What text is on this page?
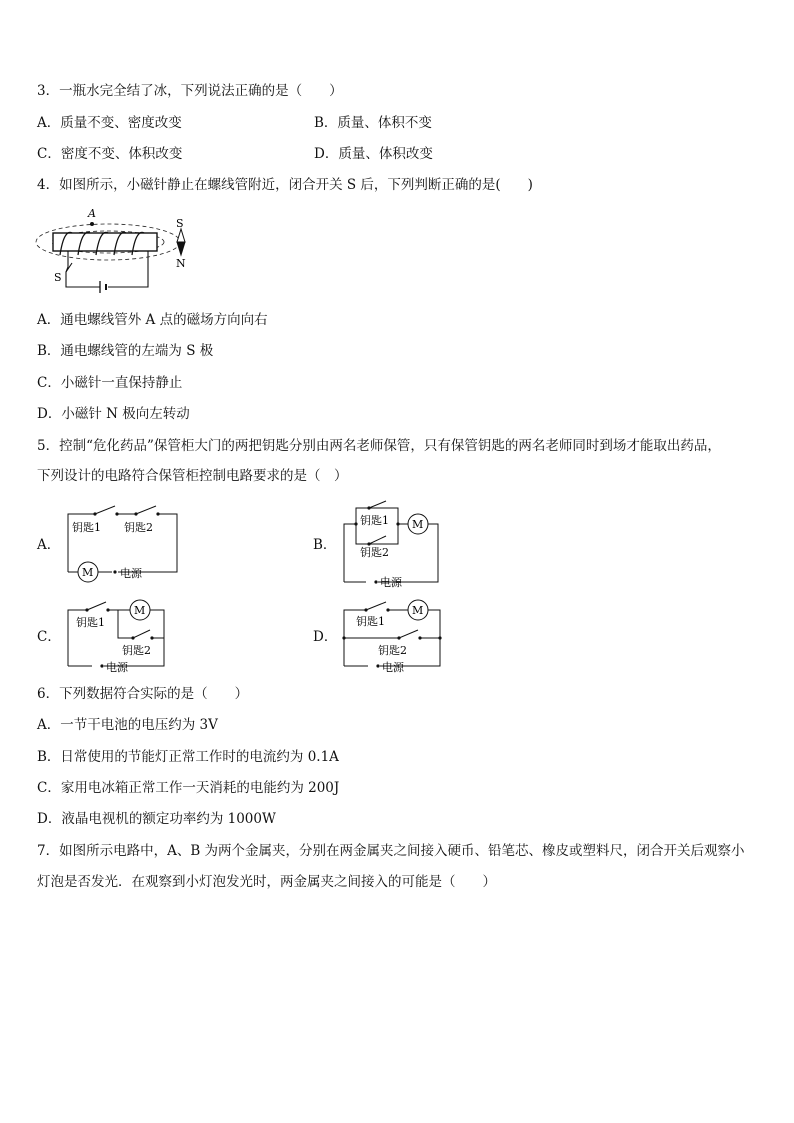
3．一瓶水完全结了冰，下列说法正确的是（　　）
A．质量不变、密度改变	B．质量、体积不变
C．密度不变、体积改变	D．质量、体积改变
4．如图所示，小磁针静止在螺线管附近，闭合开关 S 后，下列判断正确的是(　　)
A
S
N
S
A．通电螺线管外 A 点的磁场方向向右
B．通电螺线管的左端为 S 极
C．小磁针一直保持静止
D．小磁针 N 极向左转动
5．控制“危化药品”保管柜大门的两把钥匙分别由两名老师保管，只有保管钥匙的两名老师同时到场才能取出药品，
下列设计的电路符合保管柜控制电路要求的是（　）
A．
M
钥匙1 钥匙2
电源
B．
M
钥匙1
钥匙2
电源
C．
M
钥匙1
钥匙2
电源
D．
M
钥匙1
钥匙2
电源
6．下列数据符合实际的是（　　）
A．一节干电池的电压约为 3V
B．日常使用的节能灯正常工作时的电流约为 0.1A
C．家用电冰箱正常工作一天消耗的电能约为 200J
D．液晶电视机的额定功率约为 1000W
7．如图所示电路中，A、B 为两个金属夹，分别在两金属夹之间接入硬币、铅笔芯、橡皮或塑料尺，闭合开关后观察小
灯泡是否发光．在观察到小灯泡发光时，两金属夹之间接入的可能是（　　）
